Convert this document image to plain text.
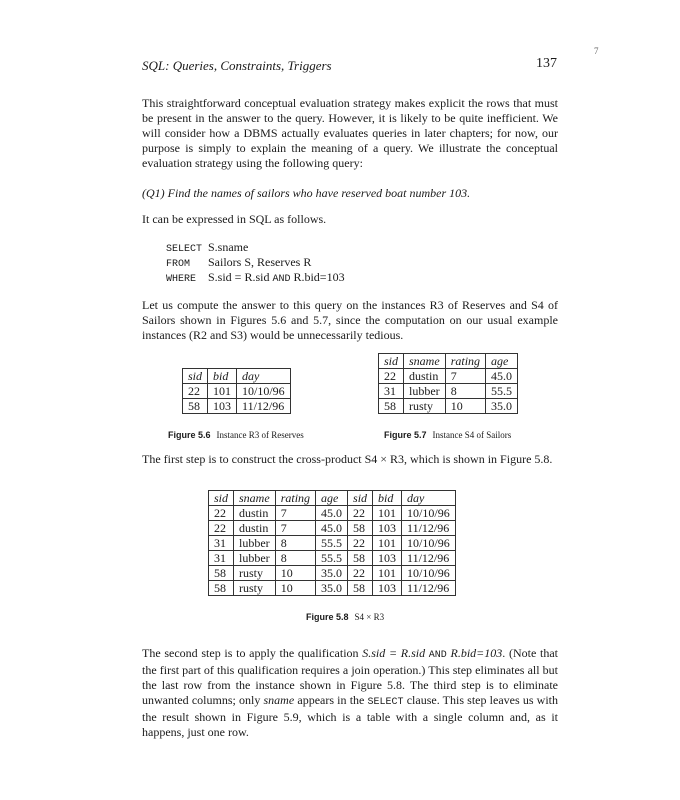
SQL: Queries, Constraints, Triggers	137
7

This straightforward conceptual evaluation strategy makes explicit the rows that must be present in the answer to the query. However, it is likely to be quite inefficient. We will consider how a DBMS actually evaluates queries in later chapters; for now, our purpose is simply to explain the meaning of a query. We illustrate the conceptual evaluation strategy using the following query:

(Q1) Find the names of sailors who have reserved boat number 103.

It can be expressed in SQL as follows.

SELECT S.sname
FROM Sailors S, Reserves R
WHERE S.sid = R.sid AND R.bid=103

Let us compute the answer to this query on the instances R3 of Reserves and S4 of Sailors shown in Figures 5.6 and 5.7, since the computation on our usual example instances (R2 and S3) would be unnecessarily tedious.

sid	bid	day
22	101	10/10/96
58	103	11/12/96
Figure 5.6 Instance R3 of Reserves
sid	sname	rating	age
22	dustin	7	45.0
31	lubber	8	55.5
58	rusty	10	35.0
Figure 5.7 Instance S4 of Sailors

The first step is to construct the cross-product S4 × R3, which is shown in Figure 5.8.

sid	sname	rating	age	sid	bid	day
22	dustin	7	45.0	22	101	10/10/96
22	dustin	7	45.0	58	103	11/12/96
31	lubber	8	55.5	22	101	10/10/96
31	lubber	8	55.5	58	103	11/12/96
58	rusty	10	35.0	22	101	10/10/96
58	rusty	10	35.0	58	103	11/12/96
Figure 5.8 S4 × R3

The second step is to apply the qualification S.sid = R.sid AND R.bid=103. (Note that the first part of this qualification requires a join operation.) This step eliminates all but the last row from the instance shown in Figure 5.8. The third step is to eliminate unwanted columns; only sname appears in the SELECT clause. This step leaves us with the result shown in Figure 5.9, which is a table with a single column and, as it happens, just one row.
